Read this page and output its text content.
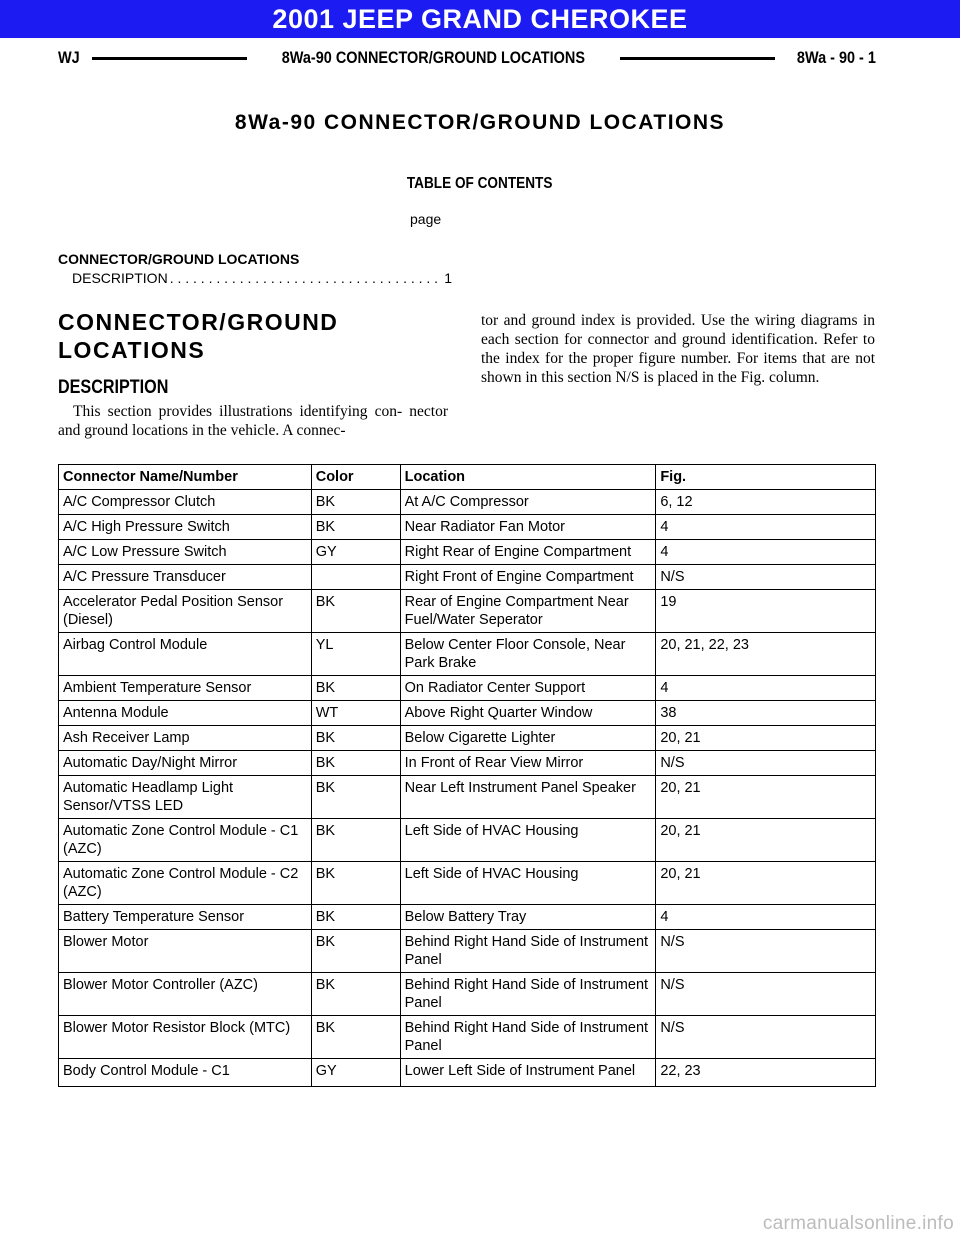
2001 JEEP GRAND CHEROKEE
WJ	8Wa-90 CONNECTOR/GROUND LOCATIONS	8Wa - 90 - 1
8Wa-90 CONNECTOR/GROUND LOCATIONS
TABLE OF CONTENTS
page
CONNECTOR/GROUND LOCATIONS
DESCRIPTION . . .	1
CONNECTOR/GROUND LOCATIONS
DESCRIPTION
This section provides illustrations identifying con- nector and ground locations in the vehicle. A connec-
tor and ground index is provided. Use the wiring diagrams in each section for connector and ground identification. Refer to the index for the proper figure number. For items that are not shown in this section N/S is placed in the Fig. column.
Connector Name/Number	Color	Location	Fig.
A/C Compressor Clutch	BK	At A/C Compressor	6, 12
A/C High Pressure Switch	BK	Near Radiator Fan Motor	4
A/C Low Pressure Switch	GY	Right Rear of Engine Compartment	4
A/C Pressure Transducer		Right Front of Engine Compartment	N/S
Accelerator Pedal Position Sensor (Diesel)	BK	Rear of Engine Compartment Near Fuel/Water Seperator	19
Airbag Control Module	YL	Below Center Floor Console, Near Park Brake	20, 21, 22, 23
Ambient Temperature Sensor	BK	On Radiator Center Support	4
Antenna Module	WT	Above Right Quarter Window	38
Ash Receiver Lamp	BK	Below Cigarette Lighter	20, 21
Automatic Day/Night Mirror	BK	In Front of Rear View Mirror	N/S
Automatic Headlamp Light Sensor/VTSS LED	BK	Near Left Instrument Panel Speaker	20, 21
Automatic Zone Control Module - C1 (AZC)	BK	Left Side of HVAC Housing	20, 21
Automatic Zone Control Module - C2 (AZC)	BK	Left Side of HVAC Housing	20, 21
Battery Temperature Sensor	BK	Below Battery Tray	4
Blower Motor	BK	Behind Right Hand Side of Instrument Panel	N/S
Blower Motor Controller (AZC)	BK	Behind Right Hand Side of Instrument Panel	N/S
Blower Motor Resistor Block (MTC)	BK	Behind Right Hand Side of Instrument Panel	N/S
Body Control Module - C1	GY	Lower Left Side of Instrument Panel	22, 23
carmanualsonline.info
